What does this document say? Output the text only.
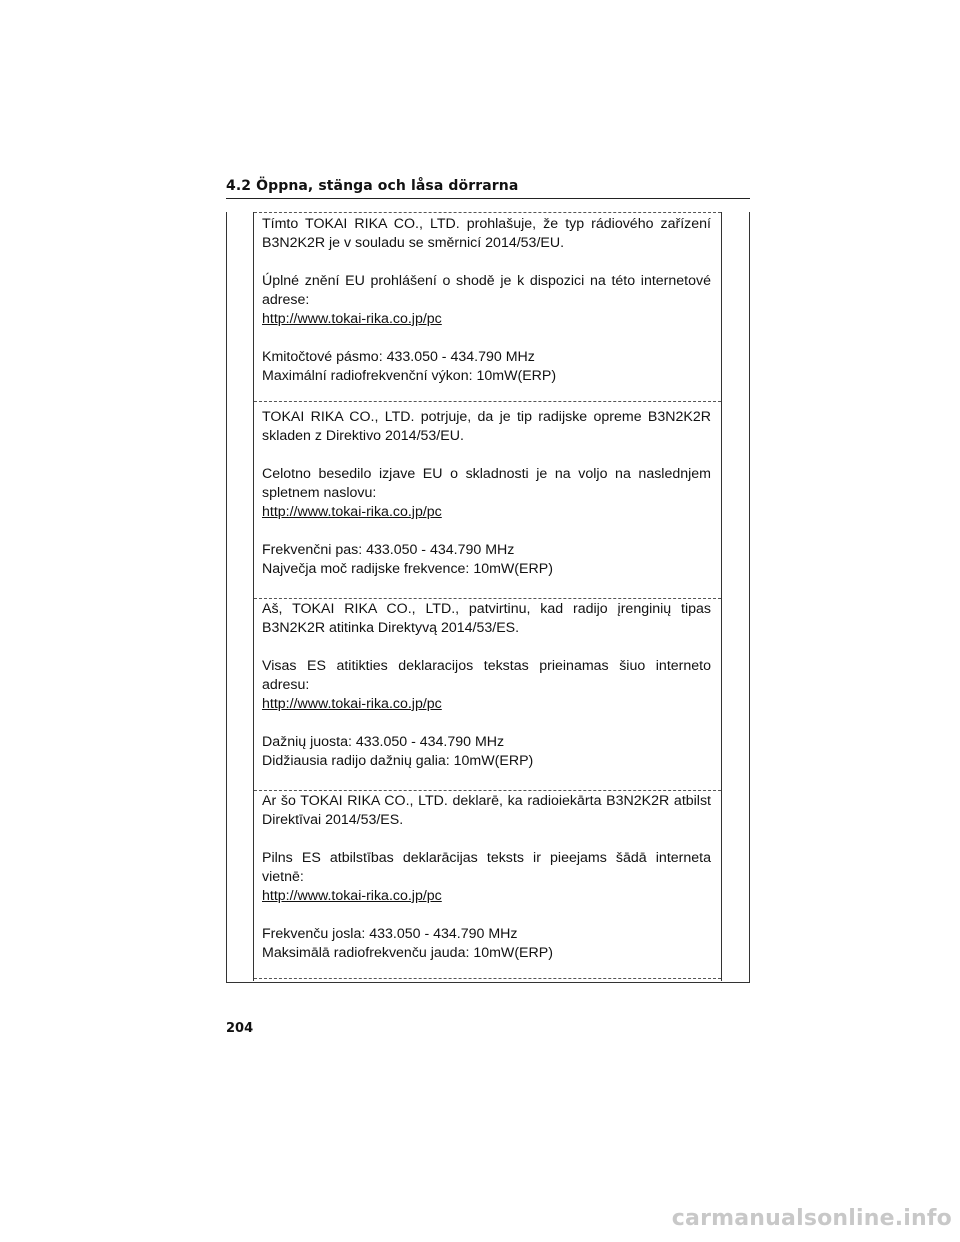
4.2 Öppna, stänga och låsa dörrarna

Tímto TOKAI RIKA CO., LTD. prohlašuje, že typ rádiového zařízení B3N2K2R je v souladu se směrnicí 2014/53/EU.

Úplné znění EU prohlášení o shodě je k dispozici na této internetové adrese:
http://www.tokai-rika.co.jp/pc

Kmitočtové pásmo: 433.050 - 434.790 MHz
Maximální radiofrekvenční výkon: 10mW(ERP)

TOKAI RIKA CO., LTD. potrjuje, da je tip radijske opreme B3N2K2R skladen z Direktivo 2014/53/EU.

Celotno besedilo izjave EU o skladnosti je na voljo na naslednjem spletnem naslovu:
http://www.tokai-rika.co.jp/pc

Frekvenčni pas: 433.050 - 434.790 MHz
Največja moč radijske frekvence: 10mW(ERP)

Aš, TOKAI RIKA CO., LTD., patvirtinu, kad radijo įrenginių tipas B3N2K2R atitinka Direktyvą 2014/53/ES.

Visas ES atitikties deklaracijos tekstas prieinamas šiuo interneto adresu:
http://www.tokai-rika.co.jp/pc

Dažnių juosta: 433.050 - 434.790 MHz
Didžiausia radijo dažnių galia: 10mW(ERP)

Ar šo TOKAI RIKA CO., LTD. deklarē, ka radioiekārta B3N2K2R atbilst Direktīvai 2014/53/ES.

Pilns ES atbilstības deklarācijas teksts ir pieejams šādā interneta vietnē:
http://www.tokai-rika.co.jp/pc

Frekvenču josla: 433.050 - 434.790 MHz
Maksimālā radiofrekvenču jauda: 10mW(ERP)

204
carmanualsonline.info
